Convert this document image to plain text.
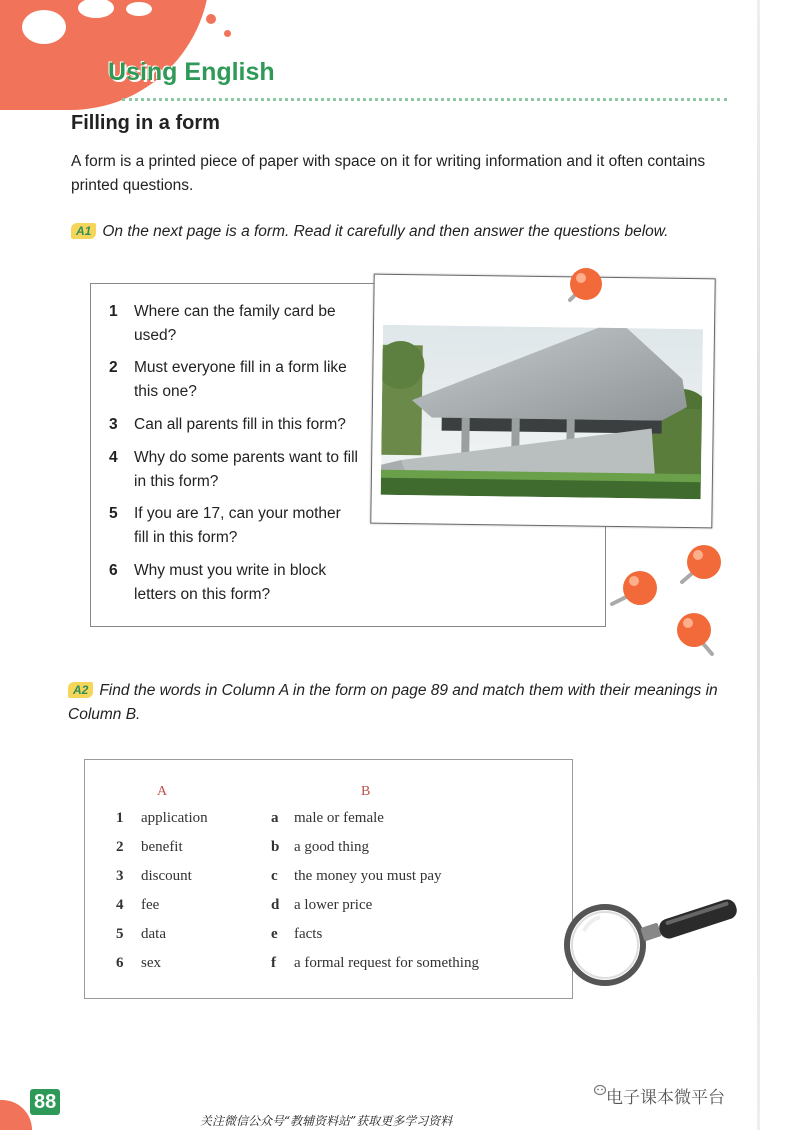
Using English
Filling in a form

A form is a printed piece of paper with space on it for writing information and it often contains printed questions.

A1 On the next page is a form. Read it carefully and then answer the questions below.

1 Where can the family card be used?
2 Must everyone fill in a form like this one?
3 Can all parents fill in this form?
4 Why do some parents want to fill in this form?
5 If you are 17, can your mother fill in this form?
6 Why must you write in block letters on this form?

A2 Find the words in Column A in the form on page 89 and match them with their meanings in Column B.

A	B
1 application	a male or female
2 benefit	b a good thing
3 discount	c the money you must pay
4 fee	d a lower price
5 data	e facts
6 sex	f a formal request for something
88	电子课本微平台
关注微信公众号“教辅资料站”获取更多学习资料
